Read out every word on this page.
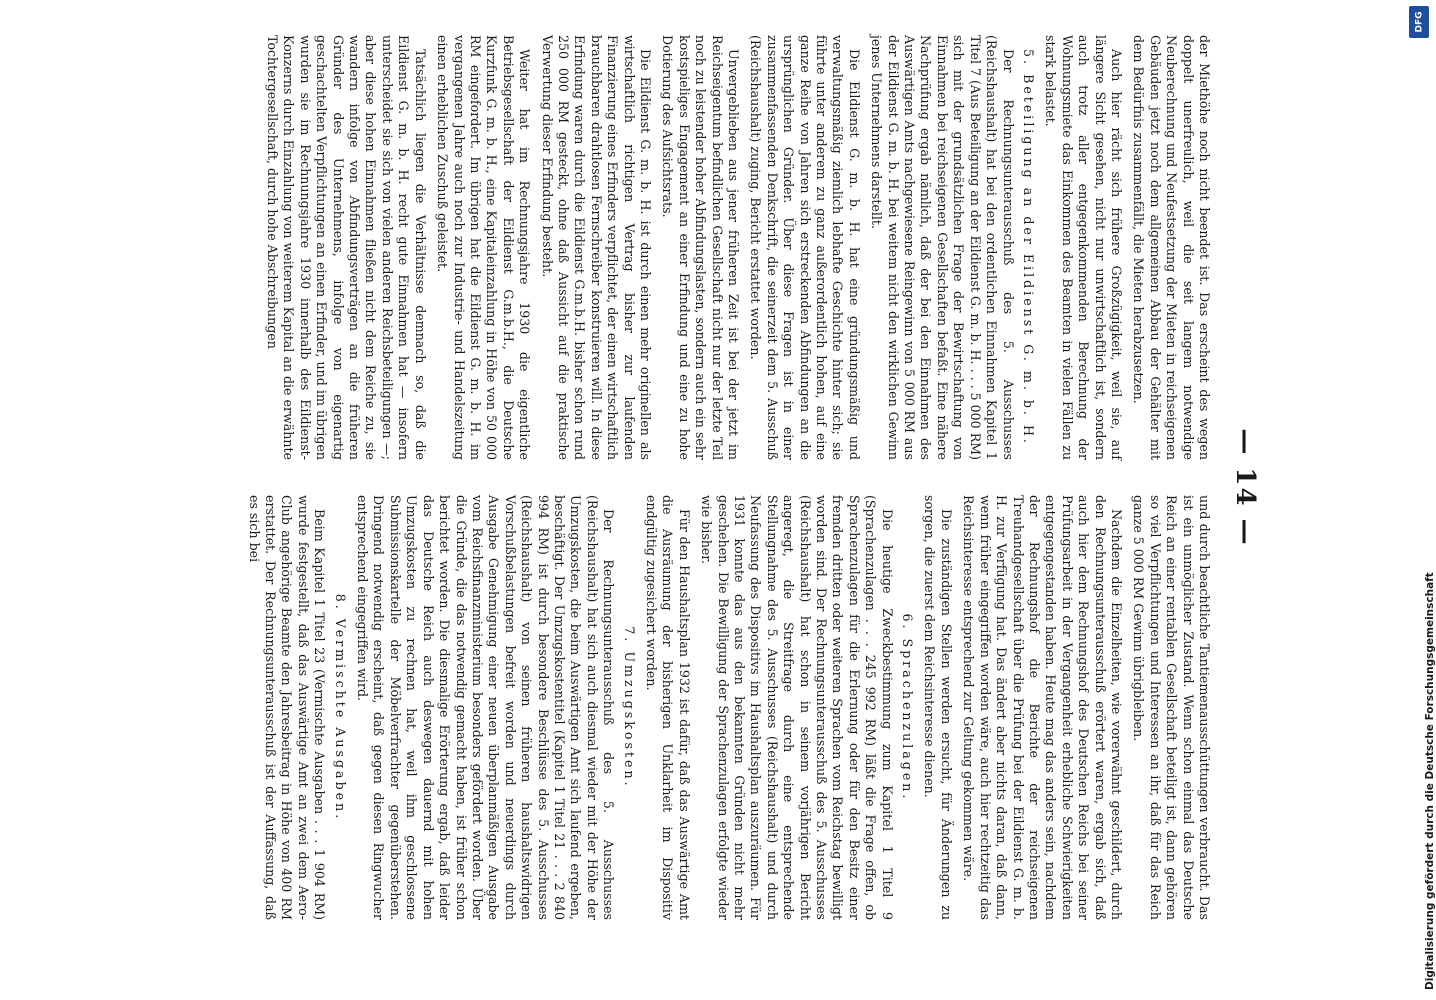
— 14 —

der Miethöhe noch nicht beendet ist. Das erscheint des wegen doppelt unerfreulich, weil die seit langem notwendige Neuberechnung und Neufestsetzung der Mieten in reichseigenen Gebäuden jetzt noch dem allgemeinen Abbau der Gehälter mit dem Bedürfnis zusammenfällt, die Mieten herabzusetzen.

Auch hier rächt sich frühere Großzügigkeit, weil sie, auf längere Sicht gesehen, nicht nur unwirtschaftlich ist, sondern auch trotz aller entgegenkommenden Berechnung der Wohnungsmiete das Einkommen des Beamten in vielen Fällen zu stark belastet.

5. Beteiligung an der Eildienst G. m. b. H.

Der Rechnungsunterausschuß des 5. Ausschusses (Reichshaushalt) hat bei den ordentlichen Einnahmen Kapitel 1 Titel 7 (Aus Beteiligung an der Eildienst G. m. b. H. . . . 5 000 RM) sich mit der grundsätzlichen Frage der Bewirtschaftung von Einnahmen bei reichseigenen Gesellschaften befaßt. Eine nähere Nachprüfung ergab nämlich, daß der bei den Einnahmen des Auswärtigen Amts nachgewiesene Reingewinn von 5 000 RM aus der Eildienst G. m. b. H. bei weitem nicht den wirklichen Gewinn jenes Unternehmens darstellt.

Die Eildienst G. m. b. H. hat eine gründungsmäßig und verwaltungsmäßig ziemlich lebhafte Geschichte hinter sich; sie führte unter anderem zu ganz außerordentlich hohen, auf eine ganze Reihe von Jahren sich erstreckenden Abfindungen an die ursprünglichen Gründer. Über diese Fragen ist in einer zusammenfassenden Denkschrift, die seinerzeit dem 5. Ausschuß (Reichshaushalt) zuging, Bericht erstattet worden.

Unvergeblieben aus jener früheren Zeit ist bei der jetzt im Reichseigentum befindlichen Gesellschaft nicht nur der letzte Teil noch zu leistender hoher Abfindungslasten, sondern auch ein sehr kostspieliges Engagement an einer Erfindung und eine zu hohe Dotierung des Aufsichtsrats.

Die Eildienst G. m. b. H. ist durch einen mehr originellen als wirtschaftlich richtigen Vertrag bisher zur laufenden Finanzierung eines Erfinders verpflichtet, der einen wirtschaftlich brauchbaren drahtlosen Fernschreiber konstruieren will. In diese Erfindung waren durch die Eildienst G.m.b.H. bisher schon rund 250 000 RM gesteckt, ohne daß Aussicht auf die praktische Verwertung dieser Erfindung besteht.

Weiter hat im Rechnungsjahre 1930 die eigentliche Betriebsgesellschaft der Eildienst G.m.b.H., die Deutsche Kurzfunk G. m. b. H., eine Kapitaleinzahlung in Höhe von 50 000 RM eingefordert. Im übrigen hat die Eildienst G. m. b. H. im vergangenen Jahre auch noch zur Industrie- und Handelszeitung einen erheblichen Zuschuß geleistet.

Tatsächlich liegen die Verhältnisse demnach so, daß die Eildienst G. m. b. H. recht gute Einnahmen hat — insofern unterscheidet sie sich von vielen anderen Reichsbeteiligungen —; aber diese hohen Einnahmen fließen nicht dem Reiche zu, sie wandern infolge von Abfindungsverträgen an die früheren Gründer des Unternehmens, infolge von eigenartig geschachtelten Verpflichtungen an einen Erfinder, und im übrigen wurden sie im Rechnungsjahre 1930 innerhalb des Eildienst-Konzerns durch Einzahlung von weiterem Kapital an die erwähnte Tochtergesellschaft, durch hohe Abschreibungen

und durch beachtliche Tantiemenausschüttungen verbraucht. Das ist ein unmöglicher Zustand. Wenn schon einmal das Deutsche Reich an einer rentablen Gesellschaft beteiligt ist, dann gehören so viel Verpflichtungen und Interessen an ihr, daß für das Reich ganze 5 000 RM Gewinn übrigbleiben.

Nachdem die Einzelheiten, wie vorerwähnt geschildert, durch den Rechnungsunterausschuß erörtert waren, ergab sich, daß auch hier dem Rechnungshof des Deutschen Reichs bei seiner Prüfungsarbeit in der Vergangenheit erhebliche Schwierigkeiten entgegengestanden haben. Heute mag das anders sein, nachdem der Rechnungshof die Berichte der reichseigenen Treuhandgesellschaft über die Prüfung bei der Eildienst G. m. b. H. zur Verfügung hat. Das ändert aber nichts daran, daß dann, wenn früher eingegriffen worden wäre, auch hier rechtzeitig das Reichsinteresse entsprechend zur Geltung gekommen wäre.

Die zuständigen Stellen werden ersucht, für Änderungen zu sorgen, die zuerst dem Reichsinteresse dienen.

6. Sprachenzulagen.

Die heutige Zweckbestimmung zum Kapitel 1 Titel 9 (Sprachenzulagen . . . 245 992 RM) läßt die Frage offen, ob Sprachenzulagen für die Erlernung oder für den Besitz einer fremden dritten oder weiteren Sprachen vom Reichstag bewilligt worden sind. Der Rechnungsunterausschuß des 5. Ausschusses (Reichshaushalt) hat schon in seinem vorjährigen Bericht angeregt, die Streitfrage durch eine entsprechende Stellungnahme des 5. Ausschusses (Reichshaushalt) und durch Neufassung des Dispositivs im Haushaltsplan auszuräumen. Für 1931 konnte das aus den bekannten Gründen nicht mehr geschehen. Die Bewilligung der Sprachenzulagen erfolgte wieder wie bisher.

Für den Haushaltsplan 1932 ist dafür, daß das Auswärtige Amt die Ausräumung der bisherigen Unklarheit im Dispositiv endgültig zugesichert worden.

7. Umzugskosten.

Der Rechnungsunterausschuß des 5. Ausschusses (Reichshaushalt) hat sich auch diesmal wieder mit der Höhe der Umzugskosten, die beim Auswärtigen Amt sich laufend ergeben, beschäftigt. Der Umzugskostentitel (Kapitel 1 Titel 21 . . . 2 840 994 RM) ist durch besondere Beschlüsse des 5. Ausschusses (Reichshaushalt) von seinen früheren haushaltswidrigen Vorschußbelastungen befreit worden und neuerdings durch Ausgabe Genehmigung einer neuen überplanmäßigen Ausgabe vom Reichsfinanzministerium besonders gefördert worden. Über die Gründe, die das notwendig gemacht haben, ist früher schon berichtet worden. Die diesmalige Erörterung ergab, daß leider das Deutsche Reich auch deswegen dauernd mit hohen Umzugskosten zu rechnen hat, weil ihm geschlossene Submissionskartelle der Möbelverfrachter gegenüberstehen. Dringend notwendig erscheint, daß gegen diesen Ringwucher entsprechend eingegriffen wird.

8. Vermischte Ausgaben.

Beim Kapitel 1 Titel 23 (Vermischte Ausgaben . . . 1 904 RM) wurde festgestellt, daß das Auswärtige Amt an zwei dem Aero-Club angehörige Beamte den Jahresbeitrag in Höhe von 400 RM erstattet. Der Rechnungsunterausschuß ist der Auffassung, daß es sich bei

DFG
Digitalisierung gefördert durch die Deutsche Forschungsgemeinschaft
